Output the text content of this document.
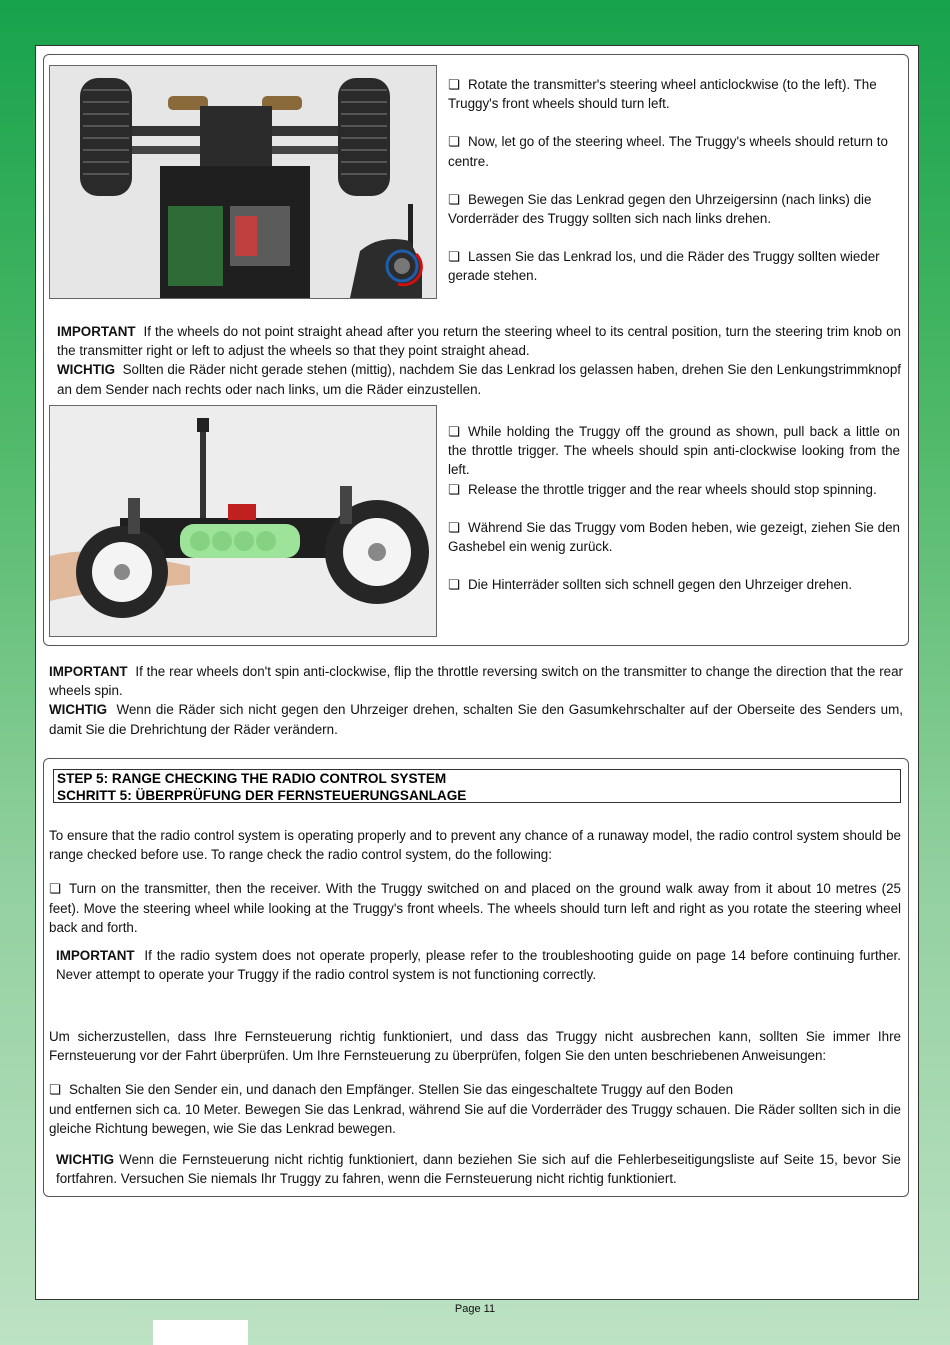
❏ Rotate the transmitter's steering wheel anticlockwise (to the left). The Truggy's front wheels should turn left.

❏ Now, let go of the steering wheel. The Truggy's wheels should return to centre.

❏ Bewegen Sie das Lenkrad gegen den Uhrzeigersinn (nach links) die Vorderräder des Truggy sollten sich nach links drehen.

❏ Lassen Sie das Lenkrad los, und die Räder des Truggy sollten wieder gerade stehen.

IMPORTANT If the wheels do not point straight ahead after you return the steering wheel to its central position, turn the steering trim knob on the transmitter right or left to adjust the wheels so that they point straight ahead.

WICHTIG Sollten die Räder nicht gerade stehen (mittig), nachdem Sie das Lenkrad los gelassen haben, drehen Sie den Lenkungstrimmknopf an dem Sender nach rechts oder nach links, um die Räder einzustellen.

❏ While holding the Truggy off the ground as shown, pull back a little on the throttle trigger. The wheels should spin anti-clockwise looking from the left.

❏ Release the throttle trigger and the rear wheels should stop spinning.

❏ Während Sie das Truggy vom Boden heben, wie gezeigt, ziehen Sie den Gashebel ein wenig zurück.

❏ Die Hinterräder sollten sich schnell gegen den Uhrzeiger drehen.

IMPORTANT If the rear wheels don't spin anti-clockwise, flip the throttle reversing switch on the transmitter to change the direction that the rear wheels spin.

WICHTIG Wenn die Räder sich nicht gegen den Uhrzeiger drehen, schalten Sie den Gasumkehrschalter auf der Oberseite des Senders um, damit Sie die Drehrichtung der Räder verändern.

STEP 5: RANGE CHECKING THE RADIO CONTROL SYSTEM
SCHRITT 5: ÜBERPRÜFUNG DER FERNSTEUERUNGSANLAGE

To ensure that the radio control system is operating properly and to prevent any chance of a runaway model, the radio control system should be range checked before use. To range check the radio control system, do the following:

❏ Turn on the transmitter, then the receiver. With the Truggy switched on and placed on the ground walk away from it about 10 metres (25 feet). Move the steering wheel while looking at the Truggy's front wheels. The wheels should turn left and right as you rotate the steering wheel back and forth.

IMPORTANT If the radio system does not operate properly, please refer to the troubleshooting guide on page 14 before continuing further. Never attempt to operate your Truggy if the radio control system is not functioning correctly.

Um sicherzustellen, dass Ihre Fernsteuerung richtig funktioniert, und dass das Truggy nicht ausbrechen kann, sollten Sie immer Ihre Fernsteuerung vor der Fahrt überprüfen. Um Ihre Fernsteuerung zu überprüfen, folgen Sie den unten beschriebenen Anweisungen:

❏ Schalten Sie den Sender ein, und danach den Empfänger. Stellen Sie das eingeschaltete Truggy auf den Boden

und entfernen sich ca. 10 Meter. Bewegen Sie das Lenkrad, während Sie auf die Vorderräder des Truggy schauen. Die Räder sollten sich in die gleiche Richtung bewegen, wie Sie das Lenkrad bewegen.

WICHTIG Wenn die Fernsteuerung nicht richtig funktioniert, dann beziehen Sie sich auf die Fehlerbeseitigungsliste auf Seite 15, bevor Sie fortfahren. Versuchen Sie niemals Ihr Truggy zu fahren, wenn die Fernsteuerung nicht richtig funktioniert.

Page 11
